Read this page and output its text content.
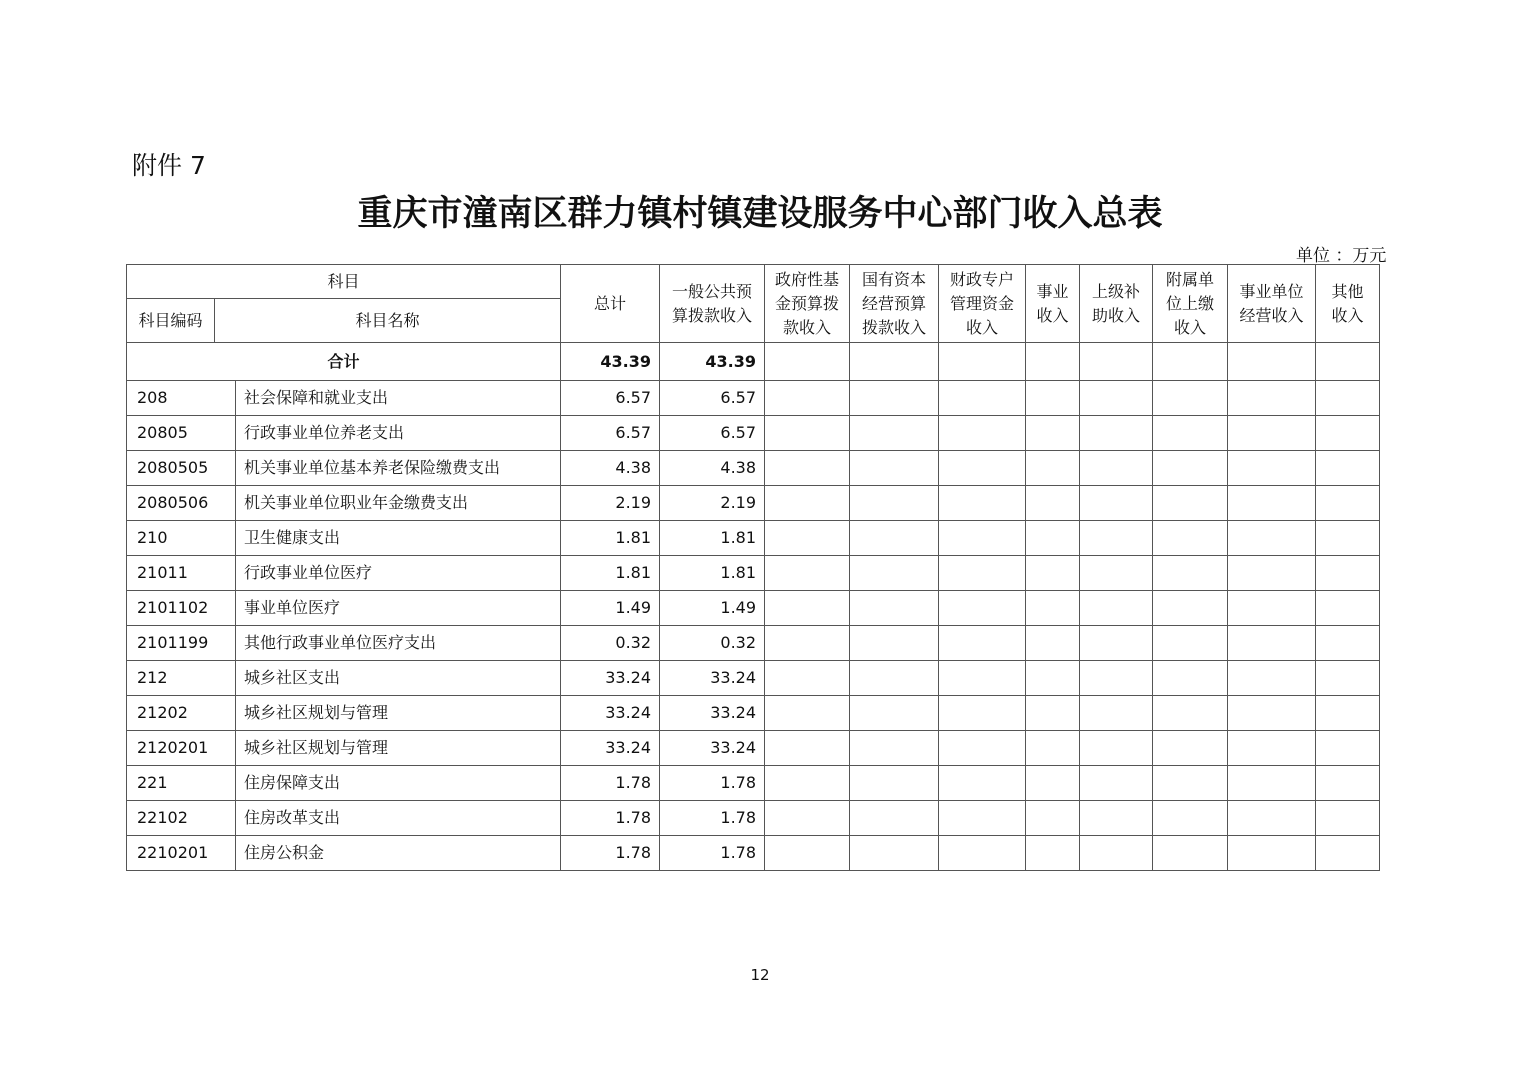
附件 7
重庆市潼南区群力镇村镇建设服务中心部门收入总表
单位 ：万元
科目			总计	一般公共预算拨款收入	政府性基金预算拨款收入	国有资本经营预算拨款收入	财政专户管理资金收入	事业收入	上级补助收入	附属单位上缴收入	事业单位经营收入	其他收入
科目编码	科目名称											
合计			43.39	43.39								
208		社会保障和就业支出	6.57	6.57								
20805		行政事业单位养老支出	6.57	6.57								
2080505		机关事业单位基本养老保险缴费支出	4.38	4.38								
2080506		机关事业单位职业年金缴费支出	2.19	2.19								
210		卫生健康支出	1.81	1.81								
21011		行政事业单位医疗	1.81	1.81								
2101102		事业单位医疗	1.49	1.49								
2101199		其他行政事业单位医疗支出	0.32	0.32								
212		城乡社区支出	33.24	33.24								
21202		城乡社区规划与管理	33.24	33.24								
2120201		城乡社区规划与管理	33.24	33.24								
221		住房保障支出	1.78	1.78								
22102		住房改革支出	1.78	1.78								
2210201		住房公积金	1.78	1.78								
12
